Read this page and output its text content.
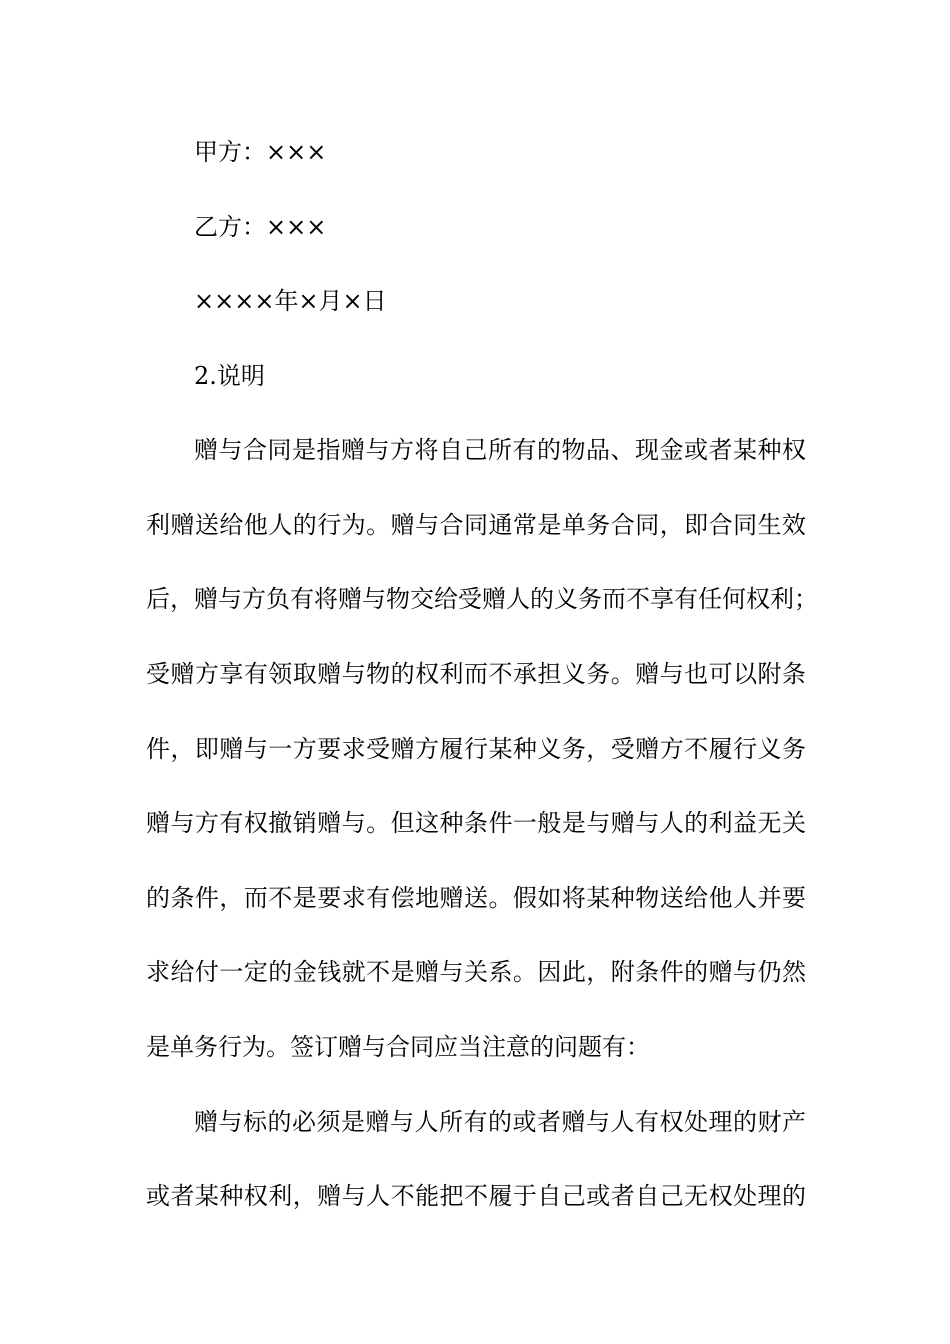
甲方：×××
乙方：×××
××××年×月×日
2.说明
赠与合同是指赠与方将自己所有的物品、现金或者某种权
利赠送给他人的行为。赠与合同通常是单务合同，即合同生效
后，赠与方负有将赠与物交给受赠人的义务而不享有任何权利；
受赠方享有领取赠与物的权利而不承担义务。赠与也可以附条
件，即赠与一方要求受赠方履行某种义务，受赠方不履行义务
赠与方有权撤销赠与。但这种条件一般是与赠与人的利益无关
的条件，而不是要求有偿地赠送。假如将某种物送给他人并要
求给付一定的金钱就不是赠与关系。因此，附条件的赠与仍然
是单务行为。签订赠与合同应当注意的问题有：
赠与标的必须是赠与人所有的或者赠与人有权处理的财产
或者某种权利，赠与人不能把不履于自己或者自己无权处理的
